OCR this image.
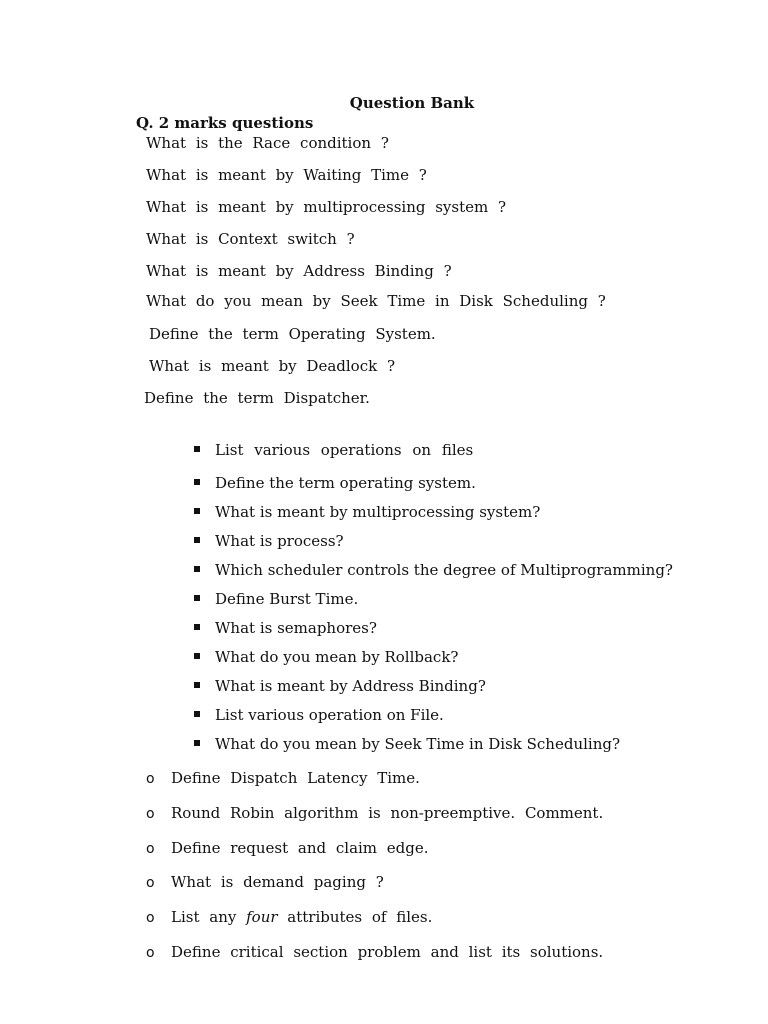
Question Bank
Q. 2 marks questions
What is the Race condition ?
What is meant by Waiting Time ?
What is meant by multiprocessing system ?
What is Context switch ?
What is meant by Address Binding ?
What do you mean by Seek Time in Disk Scheduling ?
Define the term Operating System.
What is meant by Deadlock ?
Define the term Dispatcher.
List various operations on files
Define the term operating system.
What is meant by multiprocessing system?
What is process?
Which scheduler controls the degree of Multiprogramming?
Define Burst Time.
What is semaphores?
What do you mean by Rollback?
What is meant by Address Binding?
List various operation on File.
What do you mean by Seek Time in Disk Scheduling?
o Define Dispatch Latency Time.
o Round Robin algorithm is non-preemptive. Comment.
o Define request and claim edge.
o What is demand paging ?
o List any four attributes of files.
o Define critical section problem and list its solutions.
